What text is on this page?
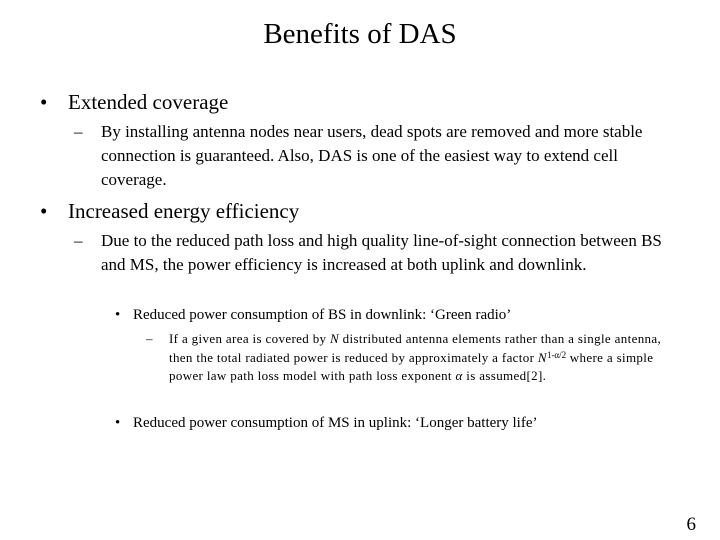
Benefits of DAS
• Extended coverage
– By installing antenna nodes near users, dead spots are removed and more stable connection is guaranteed. Also, DAS is one of the easiest way to extend cell coverage.
• Increased energy efficiency
– Due to the reduced path loss and high quality line-of-sight connection between BS and MS, the power efficiency is increased at both uplink and downlink.
• Reduced power consumption of BS in downlink: ‘Green radio’
– If a given area is covered by N distributed antenna elements rather than a single antenna, then the total radiated power is reduced by approximately a factor $N^{1-\alpha/2}$ where a simple power law path loss model with path loss exponent α is assumed[2].
• Reduced power consumption of MS in uplink: ‘Longer battery life’
6
